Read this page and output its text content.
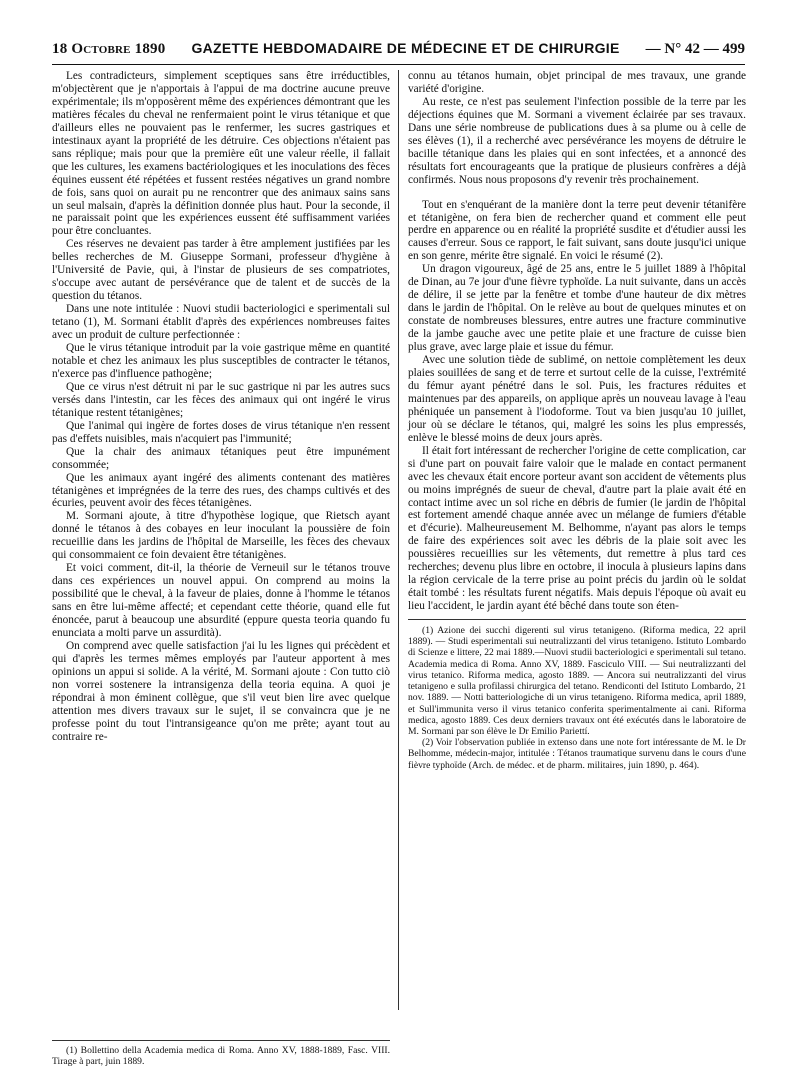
18 Octobre 1890 GAZETTE HEBDOMADAIRE DE MÉDECINE ET DE CHIRURGIE — N° 42 — 499

Les contradicteurs, simplement sceptiques sans être irréductibles, m'objectèrent que je n'apportais à l'appui de ma doctrine aucune preuve expérimentale; ils m'opposèrent même des expériences démontrant que les matières fécales du cheval ne renfermaient point le virus tétanique et que d'ailleurs elles ne pouvaient pas le renfermer, les sucres gastriques et intestinaux ayant la propriété de les détruire. Ces objections n'étaient pas sans réplique; mais pour que la première eût une valeur réelle, il fallait que les cultures, les examens bactériologiques et les inoculations des fèces équines eussent été répétées et fussent restées négatives un grand nombre de fois, sans quoi on aurait pu ne rencontrer que des animaux sains sans un seul malsain, d'après la définition donnée plus haut. Pour la seconde, il ne paraissait point que les expériences eussent été suffisamment variées pour être concluantes.

Ces réserves ne devaient pas tarder à être amplement justifiées par les belles recherches de M. Giuseppe Sormani, professeur d'hygiène à l'Université de Pavie, qui, à l'instar de plusieurs de ses compatriotes, s'occupe avec autant de persévérance que de talent et de succès de la question du tétanos.

Dans une note intitulée : Nuovi studii bacteriologici e sperimentali sul tetano (1), M. Sormani établit d'après des expériences nombreuses faites avec un produit de culture perfectionnée :

Que le virus tétanique introduit par la voie gastrique même en quantité notable et chez les animaux les plus susceptibles de contracter le tétanos, n'exerce pas d'influence pathogène;

Que ce virus n'est détruit ni par le suc gastrique ni par les autres sucs versés dans l'intestin, car les fèces des animaux qui ont ingéré le virus tétanique restent tétanigènes;

Que l'animal qui ingère de fortes doses de virus tétanique n'en ressent pas d'effets nuisibles, mais n'acquiert pas l'immunité;

Que la chair des animaux tétaniques peut être impunément consommée;

Que les animaux ayant ingéré des aliments contenant des matières tétanigènes et imprégnées de la terre des rues, des champs cultivés et des écuries, peuvent avoir des fèces tétanigènes.

M. Sormani ajoute, à titre d'hypothèse logique, que Rietsch ayant donné le tétanos à des cobayes en leur inoculant la poussière de foin recueillie dans les jardins de l'hôpital de Marseille, les fèces des chevaux qui consommaient ce foin devaient être tétanigènes.

Et voici comment, dit-il, la théorie de Verneuil sur le tétanos trouve dans ces expériences un nouvel appui. On comprend au moins la possibilité que le cheval, à la faveur de plaies, donne à l'homme le tétanos sans en être lui-même affecté; et cependant cette théorie, quand elle fut énoncée, parut à beaucoup une absurdité (eppure questa teoria quando fu enunciata a molti parve un assurdità).

On comprend avec quelle satisfaction j'ai lu les lignes qui précèdent et qui d'après les termes mêmes employés par l'auteur apportent à mes opinions un appui si solide. A la vérité, M. Sormani ajoute : Con tutto ciò non vorrei sostenere la intransigenza della teoria equina. A quoi je répondrai à mon éminent collègue, que s'il veut bien lire avec quelque attention mes divers travaux sur le sujet, il se convaincra que je ne professe point du tout l'intransigeance qu'on me prête; ayant tout au contraire re-

(1) Bollettino della Academia medica di Roma. Anno XV, 1888-1889, Fasc. VIII. Tirage à part, juin 1889.

connu au tétanos humain, objet principal de mes travaux, une grande variété d'origine.

Au reste, ce n'est pas seulement l'infection possible de la terre par les déjections équines que M. Sormani a vivement éclairée par ses travaux. Dans une série nombreuse de publications dues à sa plume ou à celle de ses élèves (1), il a recherché avec persévérance les moyens de détruire le bacille tétanique dans les plaies qui en sont infectées, et a annoncé des résultats fort encourageants que la pratique de plusieurs confrères a déjà confirmés. Nous nous proposons d'y revenir très prochainement.

Tout en s'enquérant de la manière dont la terre peut devenir tétanifère et tétanigène, on fera bien de rechercher quand et comment elle peut perdre en apparence ou en réalité la propriété susdite et d'étudier aussi les causes d'erreur. Sous ce rapport, le fait suivant, sans doute jusqu'ici unique en son genre, mérite être signalé. En voici le résumé (2).

Un dragon vigoureux, âgé de 25 ans, entre le 5 juillet 1889 à l'hôpital de Dinan, au 7e jour d'une fièvre typhoïde. La nuit suivante, dans un accès de délire, il se jette par la fenêtre et tombe d'une hauteur de dix mètres dans le jardin de l'hôpital. On le relève au bout de quelques minutes et on constate de nombreuses blessures, entre autres une fracture comminutive de la jambe gauche avec une petite plaie et une fracture de cuisse bien plus grave, avec large plaie et issue du fémur.

Avec une solution tiède de sublimé, on nettoie complètement les deux plaies souillées de sang et de terre et surtout celle de la cuisse, l'extrémité du fémur ayant pénétré dans le sol. Puis, les fractures réduites et maintenues par des appareils, on applique après un nouveau lavage à l'eau phéniquée un pansement à l'iodoforme. Tout va bien jusqu'au 10 juillet, jour où se déclare le tétanos, qui, malgré les soins les plus empressés, enlève le blessé moins de deux jours après.

Il était fort intéressant de rechercher l'origine de cette complication, car si d'une part on pouvait faire valoir que le malade en contact permanent avec les chevaux était encore porteur avant son accident de vêtements plus ou moins imprégnés de sueur de cheval, d'autre part la plaie avait été en contact intime avec un sol riche en débris de fumier (le jardin de l'hôpital est fortement amendé chaque année avec un mélange de fumiers d'étable et d'écurie). Malheureusement M. Belhomme, n'ayant pas alors le temps de faire des expériences soit avec les débris de la plaie soit avec les poussières recueillies sur les vêtements, dut remettre à plus tard ces recherches; devenu plus libre en octobre, il inocula à plusieurs lapins dans la région cervicale de la terre prise au point précis du jardin où le soldat était tombé : les résultats furent négatifs. Mais depuis l'époque où avait eu lieu l'accident, le jardin ayant été bêché dans toute son éten-

(1) Azione dei succhi digerenti sul virus tetanigeno. (Riforma medica, 22 april 1889). — Studi esperimentali sui neutralizzanti del virus tetanigeno. Istituto Lombardo di Scienze e littere, 22 mai 1889.—Nuovi studii bacteriologici e sperimentali sul tetano. Academia medica di Roma. Anno XV, 1889. Fasciculo VIII. — Sui neutralizzanti del virus tetanico. Riforma medica, agosto 1889. — Ancora sui neutralizzanti del virus tetanigeno e sulla profilassi chirurgica del tetano. Rendiconti del Istituto Lombardo, 21 nov. 1889. — Notti batteriologiche di un virus tetanigeno. Riforma medica, april 1889, et Sull'immunita verso il virus tetanico conferita sperimentalmente ai cani. Riforma medica, agosto 1889. Ces deux derniers travaux ont été exécutés dans le laboratoire de M. Sormani par son élève le Dr Emilio Pariettí.

(2) Voir l'observation publiée in extenso dans une note fort intéressante de M. le Dr Belhomme, médecin-major, intitulée : Tétanos traumatique survenu dans le cours d'une fièvre typhoïde (Arch. de médec. et de pharm. militaires, juin 1890, p. 464).
